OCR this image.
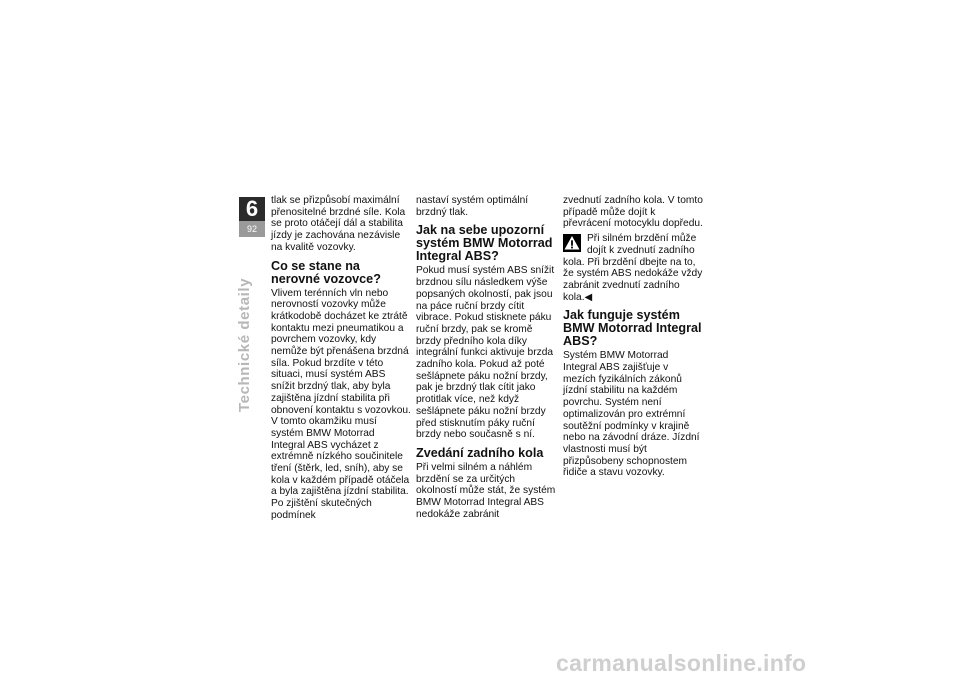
6
92
Technické detaily

tlak se přizpůsobí maximální přenositelné brzdné síle. Kola se proto otáčejí dál a stabilita jízdy je zachována nezávisle na kvalitě vozovky.

Co se stane na nerovné vozovce?

Vlivem terénních vln nebo nerovností vozovky může krátkodobě docházet ke ztrátě kontaktu mezi pneumatikou a povrchem vozovky, kdy nemůže být přenášena brzdná síla. Pokud brzdíte v této situaci, musí systém ABS snížit brzdný tlak, aby byla zajištěna jízdní stabilita při obnovení kontaktu s vozovkou. V tomto okamžiku musí systém BMW Motorrad Integral ABS vycházet z extrémně nízkého součinitele tření (štěrk, led, sníh), aby se kola v každém případě otáčela a byla zajištěna jízdní stabilita. Po zjištění skutečných podmínek

nastaví systém optimální brzdný tlak.

Jak na sebe upozorní systém BMW Motorrad Integral ABS?

Pokud musí systém ABS snížit brzdnou sílu následkem výše popsaných okolností, pak jsou na páce ruční brzdy cítit vibrace. Pokud stisknete páku ruční brzdy, pak se kromě brzdy předního kola díky integrální funkci aktivuje brzda zadního kola. Pokud až poté sešlápnete páku nožní brzdy, pak je brzdný tlak cítit jako protitlak více, než když sešlápnete páku nožní brzdy před stisknutím páky ruční brzdy nebo současně s ní.

Zvedání zadního kola

Při velmi silném a náhlém brzdění se za určitých okolností může stát, že systém BMW Motorrad Integral ABS nedokáže zabránit

zvednutí zadního kola. V tomto případě může dojít k převrácení motocyklu dopředu.

Při silném brzdění může dojít k zvednutí zadního kola. Při brzdění dbejte na to, že systém ABS nedokáže vždy zabránit zvednutí zadního kola.◀

Jak funguje systém BMW Motorrad Integral ABS?

Systém BMW Motorrad Integral ABS zajišťuje v mezích fyzikálních zákonů jízdní stabilitu na každém povrchu. Systém není optimalizován pro extrémní soutěžní podmínky v krajině nebo na závodní dráze. Jízdní vlastnosti musí být přizpůsobeny schopnostem řidiče a stavu vozovky.

carmanualsonline.info
